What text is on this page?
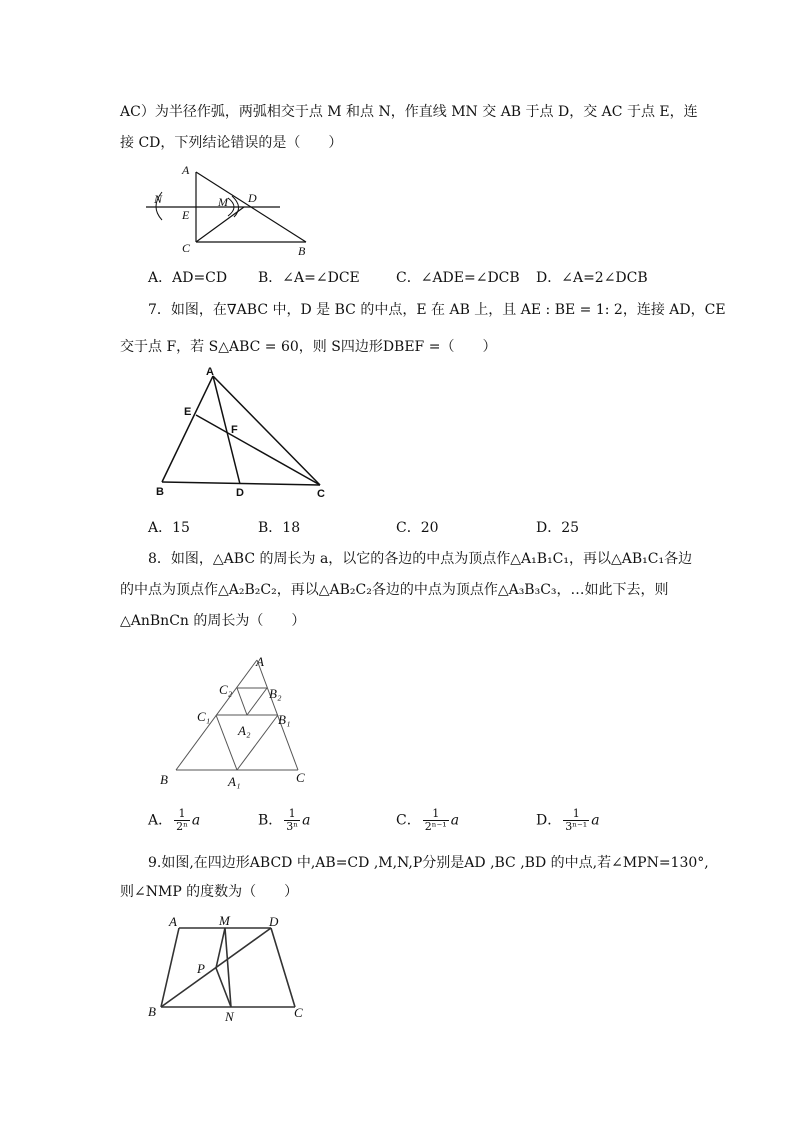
AC）为半径作弧，两弧相交于点 M 和点 N，作直线 MN 交 AB 于点 D，交 AC 于点 E，连
接 CD，下列结论错误的是（　　）
A
N
E
M D
C	B
A．AD=CD B．∠A=∠DCE	C．∠ADE=∠DCB D．∠A=2∠DCB
7．如图，在∇ABC 中，D 是 BC 的中点，E 在 AB 上，且 AE : BE = 1: 2，连接 AD，CE
交于点 F，若 S△ABC = 60，则 S四边形DBEF =（　　）
A
E
F
B	D	C
A．15	B．18	C．20	D．25
8．如图，△ABC 的周长为 a，以它的各边的中点为顶点作△A₁B₁C₁，再以△AB₁C₁各边
的中点为顶点作△A₂B₂C₂，再以△AB₂C₂各边的中点为顶点作△A₃B₃C₃，…如此下去，则
△AnBnCn 的周长为（　　）
A
C₂	B₂
C₁	B₁
A₂
B	A₁	C
A． $\frac{1}{\text{2ⁿ}}$ a	B． $\frac{1}{\text{3ⁿ}}$ a	C． $\frac{1}{\text{2ⁿ⁻¹}}$ a	D． $\frac{1}{\text{3ⁿ⁻¹}}$ a
9.如图,在四边形ABCD 中,AB=CD ,M,N,P分别是AD ,BC ,BD 的中点,若∠MPN=130°,
则∠NMP 的度数为（　　）
A	M	D
P
B	N	C
